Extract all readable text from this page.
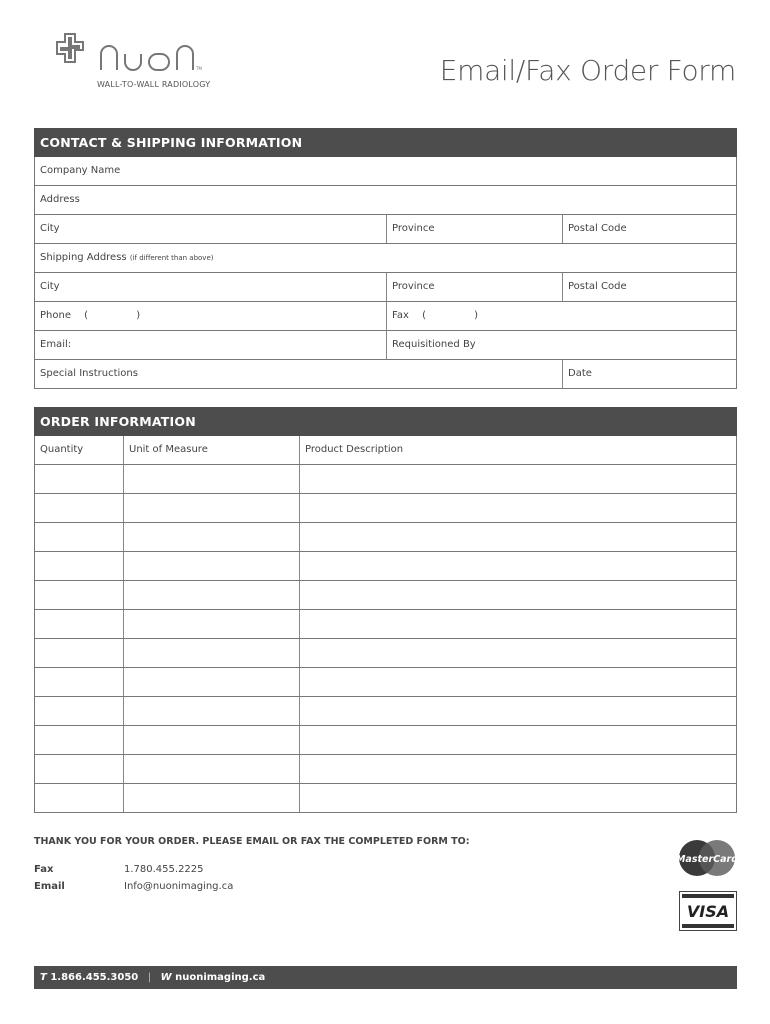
TM
WALL-TO-WALL RADIOLOGY	Email/Fax Order Form
CONTACT & SHIPPING INFORMATION
Company Name
Address
City	Province	Postal Code
Shipping Address (if different than above)
City	Province	Postal Code
Phone (	)	Fax (	)
Email:	Requisitioned By
Special Instructions	Date
ORDER INFORMATION
Quantity	Unit of Measure	Product Description
THANK YOU FOR YOUR ORDER. PLEASE EMAIL OR FAX THE COMPLETED FORM TO:
Fax	1.780.455.2225
Email	Info@nuonimaging.ca
MasterCard
VISA
T 1.866.455.3050 | W nuonimaging.ca
